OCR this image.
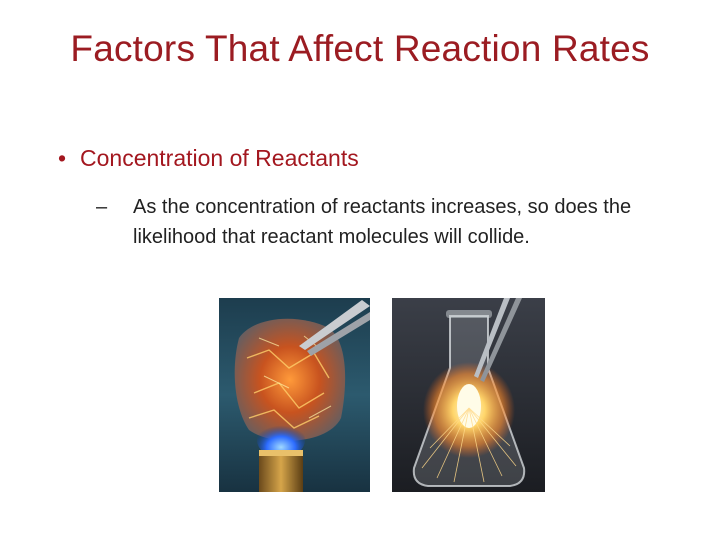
Factors That Affect Reaction Rates
• Concentration of Reactants
–	As the concentration of reactants increases, so does the likelihood that reactant molecules will collide.
